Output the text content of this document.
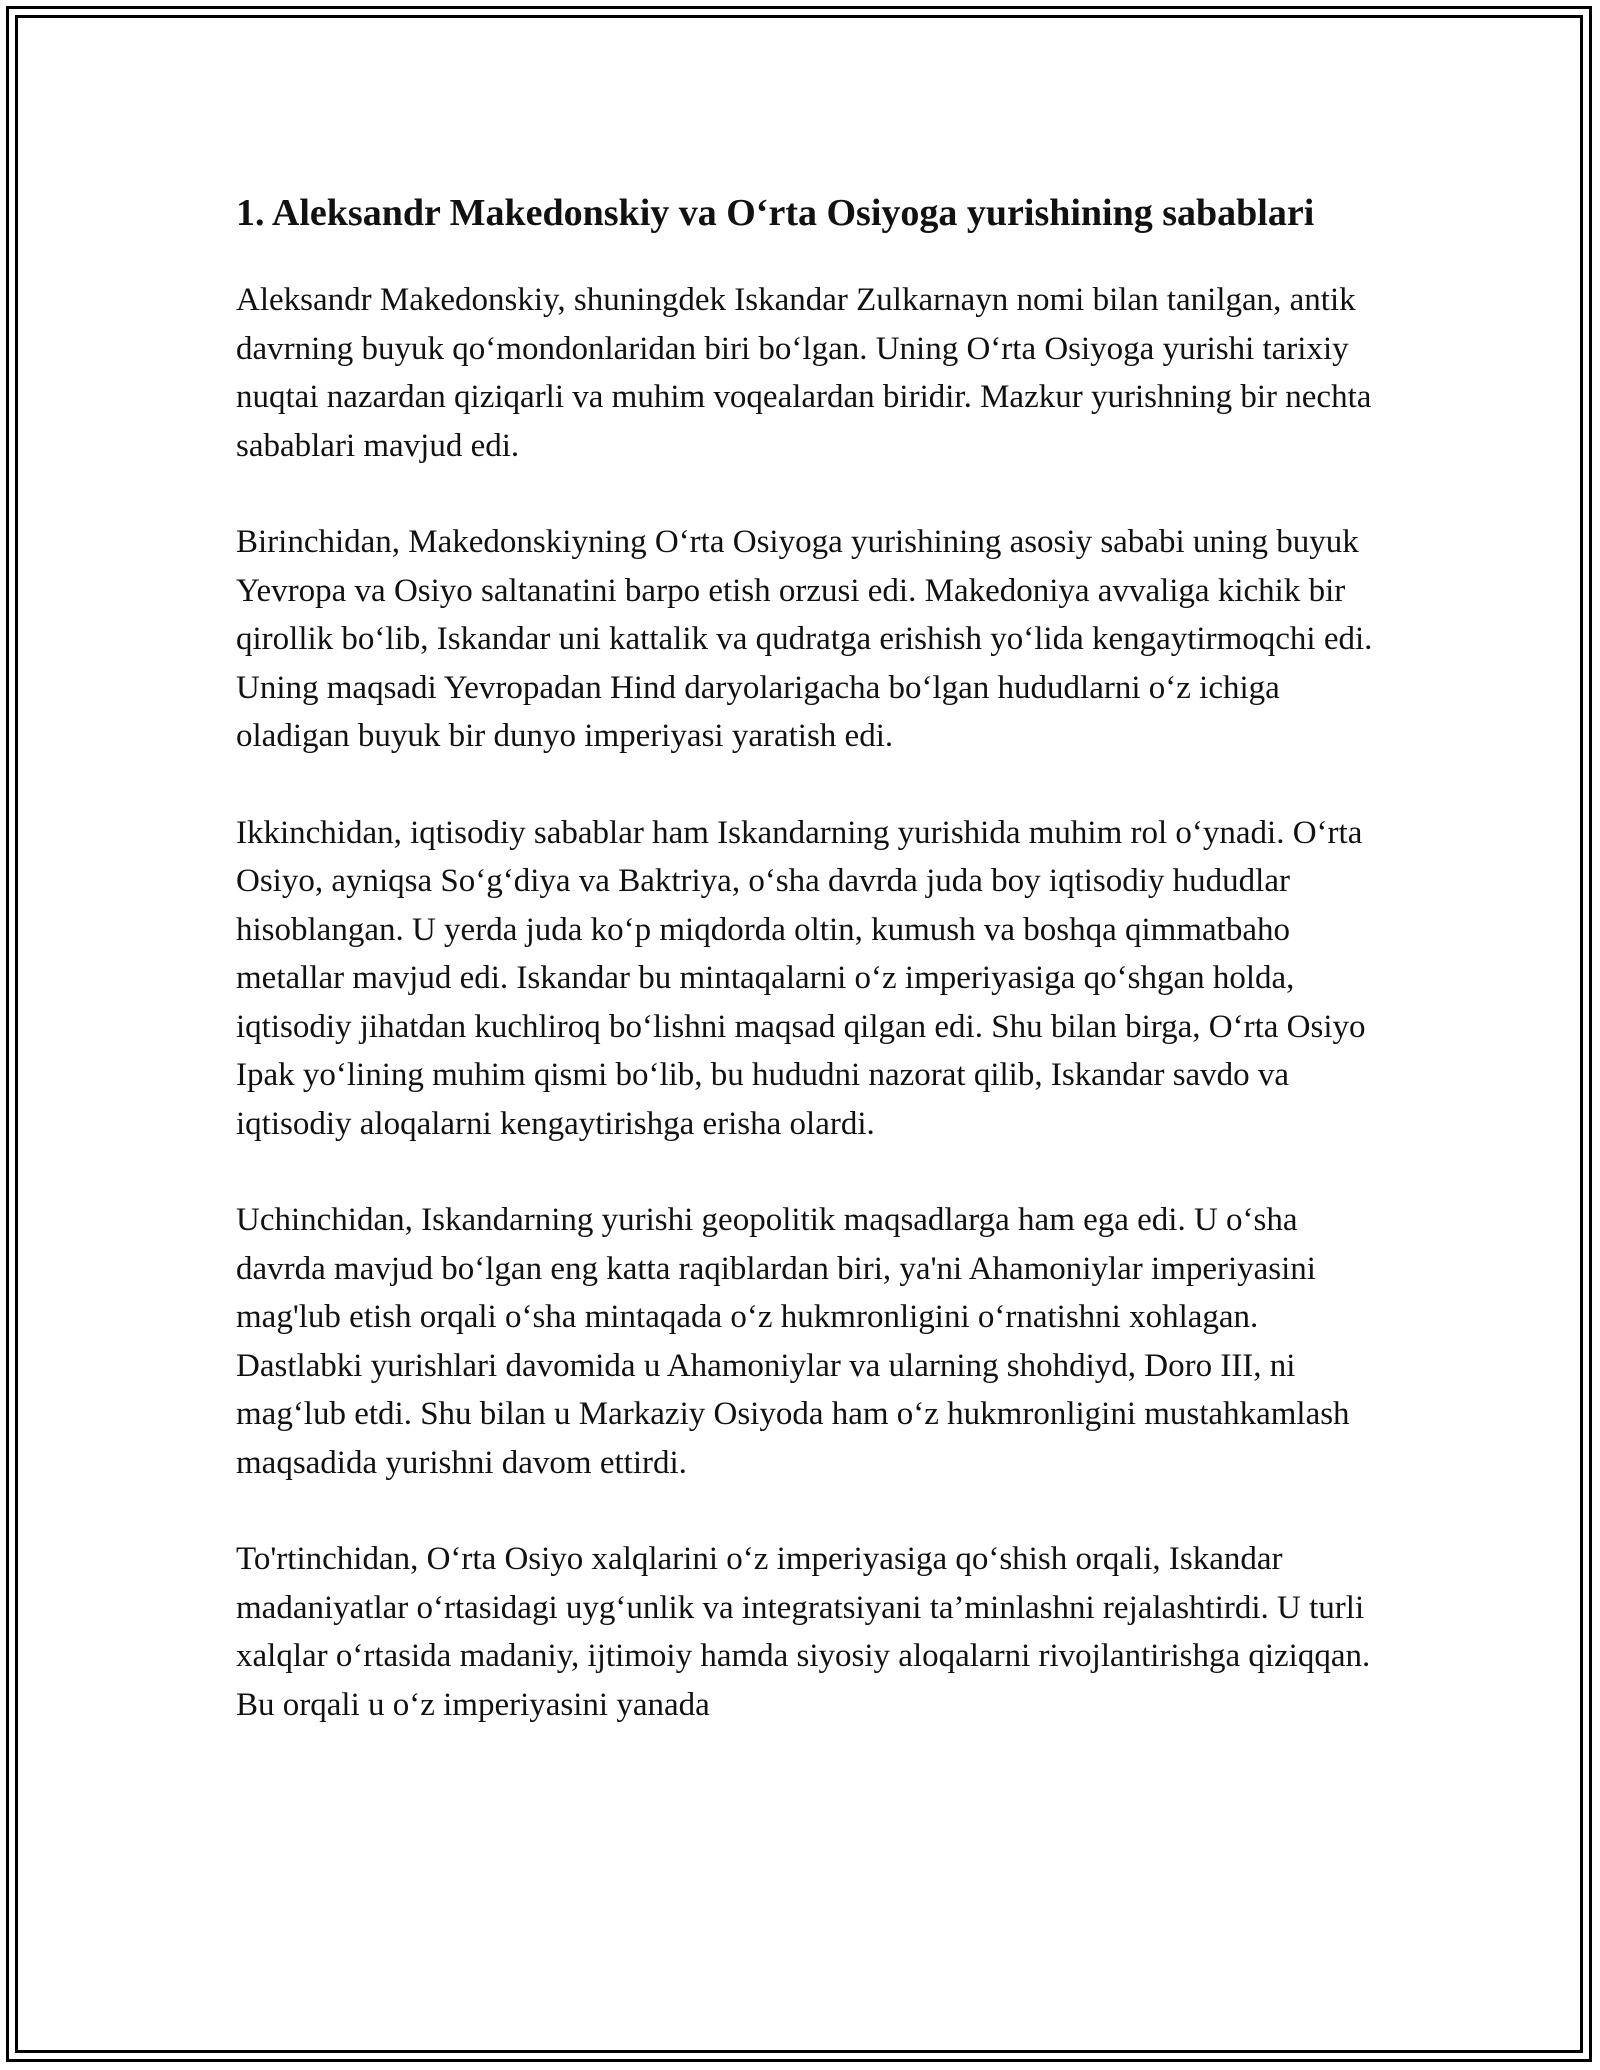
1. Aleksandr Makedonskiy va O‘rta Osiyoga yurishining sabablari

Aleksandr Makedonskiy, shuningdek Iskandar Zulkarnayn nomi bilan tanilgan, antik davrning buyuk qo‘mondonlaridan biri bo‘lgan. Uning O‘rta Osiyoga yurishi tarixiy nuqtai nazardan qiziqarli va muhim voqealardan biridir. Mazkur yurishning bir nechta sabablari mavjud edi.

Birinchidan, Makedonskiyning O‘rta Osiyoga yurishining asosiy sababi uning buyuk Yevropa va Osiyo saltanatini barpo etish orzusi edi. Makedoniya avvaliga kichik bir qirollik bo‘lib, Iskandar uni kattalik va qudratga erishish yo‘lida kengaytirmoqchi edi. Uning maqsadi Yevropadan Hind daryolarigacha bo‘lgan hududlarni o‘z ichiga oladigan buyuk bir dunyo imperiyasi yaratish edi.

Ikkinchidan, iqtisodiy sabablar ham Iskandarning yurishida muhim rol o‘ynadi. O‘rta Osiyo, ayniqsa So‘g‘diya va Baktriya, o‘sha davrda juda boy iqtisodiy hududlar hisoblangan. U yerda juda ko‘p miqdorda oltin, kumush va boshqa qimmatbaho metallar mavjud edi. Iskandar bu mintaqalarni o‘z imperiyasiga qo‘shgan holda, iqtisodiy jihatdan kuchliroq bo‘lishni maqsad qilgan edi. Shu bilan birga, O‘rta Osiyo Ipak yo‘lining muhim qismi bo‘lib, bu hududni nazorat qilib, Iskandar savdo va iqtisodiy aloqalarni kengaytirishga erisha olardi.

Uchinchidan, Iskandarning yurishi geopolitik maqsadlarga ham ega edi. U o‘sha davrda mavjud bo‘lgan eng katta raqiblardan biri, ya'ni Ahamoniylar imperiyasini mag'lub etish orqali o‘sha mintaqada o‘z hukmronligini o‘rnatishni xohlagan. Dastlabki yurishlari davomida u Ahamoniylar va ularning shohdiyd, Doro III, ni mag‘lub etdi. Shu bilan u Markaziy Osiyoda ham o‘z hukmronligini mustahkamlash maqsadida yurishni davom ettirdi.

To'rtinchidan, O‘rta Osiyo xalqlarini o‘z imperiyasiga qo‘shish orqali, Iskandar madaniyatlar o‘rtasidagi uyg‘unlik va integratsiyani ta’minlashni rejalashtirdi. U turli xalqlar o‘rtasida madaniy, ijtimoiy hamda siyosiy aloqalarni rivojlantirishga qiziqqan. Bu orqali u o‘z imperiyasini yanada
